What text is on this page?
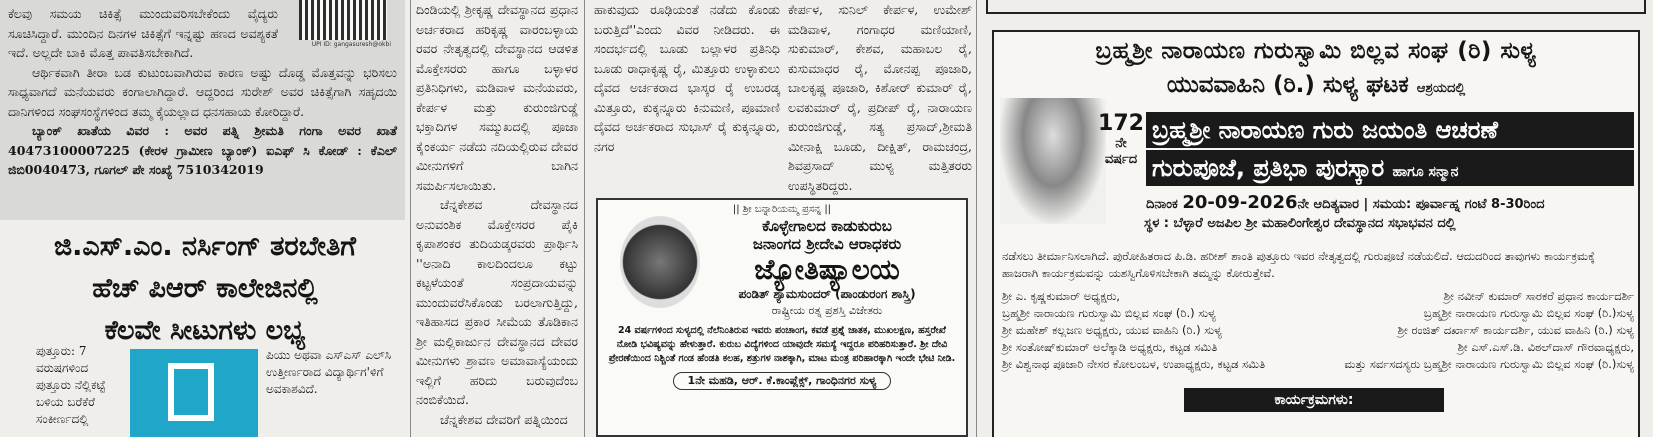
UPI ID: gangasuresh@okbi

ಕೆಲವು ಸಮಯ ಚಿಕಿತ್ಸೆ ಮುಂದುವರಿಸಬೇಕೆಂದು ವೈದ್ಯರು ಸೂಚಿಸಿದ್ದಾರೆ. ಮುಂದಿನ ದಿನಗಳ ಚಿಕಿತ್ಸೆಗೆ ಇನ್ನಷ್ಟು ಹಣದ ಅವಶ್ಯಕತೆ ಇದೆ. ಅಲ್ಲದೇ ಬಾಕಿ ಮೊತ್ತ ಪಾವತಿಸಬೇಕಾಗಿದೆ.

ಆರ್ಥಿಕವಾಗಿ ತೀರಾ ಬಡ ಕುಟುಂಬವಾಗಿರುವ ಕಾರಣ ಅಷ್ಟು ದೊಡ್ಡ ಮೊತ್ತವನ್ನು ಭರಿಸಲು ಸಾಧ್ಯವಾಗದೆ ಮನೆಯವರು ಕಂಗಾಲಾಗಿದ್ದಾರೆ. ಆದ್ದರಿಂದ ಸುರೇಶ್ ಅವರ ಚಿಕಿತ್ಸೆಗಾಗಿ ಸಹೃದಯಿ ದಾನಿಗಳಿಂದ ಸಂಘಸಂಸ್ಥೆಗಳಿಂದ ತಮ್ಮ ಕೈಯಲ್ಲಾದ ಧನಸಹಾಯ ಕೋರಿದ್ದಾರೆ.

ಬ್ಯಾಂಕ್ ಖಾತೆಯ ವಿವರ : ಅವರ ಪತ್ನಿ ಶ್ರೀಮತಿ ಗಂಗಾ ಅವರ ಖಾತೆ 40473100007225 (ಕೇರಳ ಗ್ರಾಮೀಣ ಬ್ಯಾಂಕ್) ಐಎಫ್ ಸಿ ಕೋಡ್ : ಕೆಎಲ್ ಜಿಬಿ0040473, ಗೂಗಲ್ ಪೇ ಸಂಖ್ಯೆ 7510342019

ಜಿ.ಎಸ್.ಎಂ. ನರ್ಸಿಂಗ್ ತರಬೇತಿಗೆ
ಹೆಚ್ ಪಿಆರ್ ಕಾಲೇಜಿನಲ್ಲಿ
ಕೆಲವೇ ಸೀಟುಗಳು ಲಭ್ಯ
ಪುತ್ತೂರು: 7 ವರುಷಗಳಿಂದ ಪುತ್ತೂರು ನೆಲ್ಲಿಕಟ್ಟೆ ಬಳಿಯ ಬರೆಕೆರೆ ಸಂಕೀರ್ಣದಲ್ಲಿ
ಪಿಯು ಅಥವಾ ಎಸ್‌ಎಸ್ ಎಲ್‌ಸಿ ಉತ್ತೀರ್ಣರಾದ ವಿದ್ಯಾರ್ಥಿಗ'ಳಿಗೆ ಅವಕಾಶವಿದೆ.

ದಿಂಡಿಯಲ್ಲಿ ಶ್ರೀಕೃಷ್ಣ ದೇವಸ್ಥಾನದ ಪ್ರಧಾನ ಅರ್ಚಕರಾದ ಹರಿಕೃಷ್ಣ ವಾರಂಬಳ್ಳಾಯ ರವರ ನೇತೃತ್ವದಲ್ಲಿ ದೇವಸ್ಥಾನದ ಆಡಳಿತ ಮೊಕ್ತೇಸರರು ಹಾಗೂ ಬಳ್ಳಾಳರ ಪ್ರತಿನಿಧಿಗಳು, ಮಡಿವಾಳ ಮನೆಯವರು, ಕೇರ್ಪಳ ಮತ್ತು ಕುರುಂಜಿಗುಡ್ಡೆ ಭಕ್ತಾದಿಗಳ ಸಮ್ಮುಖದಲ್ಲಿ ಪೂಜಾ ಕೈಂಕರ್ಯ ನಡೆದು ನದಿಯಲ್ಲಿರುವ ದೇವರ ಮೀನುಗಳಿಗೆ ಬಾಗಿನ ಸಮರ್ಪಿಸಲಾಯಿತು.

ಚೆನ್ನಕೇಶವ ದೇವಸ್ಥಾನದ ಅನುವಂಶಿಕ ಮೊಕ್ತೇಸರರ ಪೈಕಿ ಕೃಪಾಶಂಕರ ತುದಿಯಡ್ಕರವರು ಪ್ರಾರ್ಥಿಸಿ ''ಅನಾದಿ ಕಾಲದಿಂದಲೂ ಕಟ್ಟು ಕಟ್ಟಳೆಯಂತೆ ಸಂಪ್ರದಾಯವನ್ನು ಮುಂದುವರೆಸಿಕೊಂಡು ಬರಲಾಗುತ್ತಿದ್ದು, ಇತಿಹಾಸದ ಪ್ರಕಾರ ಸೀಮೆಯ ತೊಡಿಕಾನ ಶ್ರೀ ಮಲ್ಲಿಕಾರ್ಜುನ ದೇವಸ್ಥಾನದ ದೇವರ ಮೀನುಗಳು ಶ್ರಾವಣ ಅಮಾವಾಸ್ಯೆಯಂದು ಇಲ್ಲಿಗೆ ಹರಿದು ಬರುವುದೆಂಬ ನಂಬಿಕೆಯಿದೆ.

ಚೆನ್ನಕೇಶವ ದೇವರಿಗೆ ಪತ್ನಿಯಿಂದ

ಹಾಕುವುದು ರೂಢಿಯಂತೆ ನಡೆದು ಕೊಂಡು ಬರುತ್ತಿದೆ''ಎಂದು ವಿವರ ನೀಡಿದರು. ಈ ಸಂದರ್ಭದಲ್ಲಿ ಬೂಡು ಬಲ್ಲಾಳರ ಪ್ರತಿನಿಧಿ ಬೂಡು ರಾಧಾಕೃಷ್ಣ ರೈ, ಮಿತ್ತೂರು ಉಳ್ಳಾಕುಲು ದೈವದ ಅರ್ಚಕರಾದ ಭಾಸ್ಕರ ರೈ ಉಬರಡ್ಕ ಮಿತ್ತೂರು, ಕುಕ್ಕನ್ನೂರು ಕಿನುಮಣಿ, ಪೂಮಾಣಿ ದೈವದ ಅರ್ಚಕರಾದ ಸುಭಾಸ್ ರೈ ಕುಕ್ಕನ್ನೂರು, ನಗರ

ಕೇರ್ಪಳ, ಸುನಿಲ್ ಕೇರ್ಪಳ, ಉಮೇಶ್ ಮಡಿವಾಳ, ಗಂಗಾಧರ ಮಣಿಯಾಣಿ, ಸುಕುಮಾರ್, ಕೇಶವ, ಮಹಾಬಲ ರೈ, ಕುಸುಮಾಧರ ರೈ, ಮೋನಪ್ಪ ಪೂಜಾರಿ, ಬಾಲಕೃಷ್ಣ ಪೂಜಾರಿ, ಕಿಶೋರ್ ಕುಮಾರ್ ರೈ, ಲವಕುಮಾರ್ ರೈ, ಪ್ರದೀಪ್ ರೈ, ನಾರಾಯಣ ಕುರುಂಜಿಗುಡ್ಡೆ, ಸತ್ಯ ಪ್ರಸಾದ್,ಶ್ರೀಮತಿ ಮೀನಾಕ್ಷಿ ಬೂಡು, ದೀಕ್ಷಿತ್, ರಾಮಚಂದ್ರ, ಶಿವಪ್ರಸಾದ್ ಮುಳ್ಯ ಮತ್ತಿತರರು ಉಪಸ್ಥಿತರಿದ್ದರು.

|| ಶ್ರೀ ಬನ್ನಾರಿಯಮ್ಮ ಪ್ರಸನ್ನ ||
ಕೊಳ್ಳೇಗಾಲದ ಕಾಡುಕುರುಬ
ಜನಾಂಗದ ಶ್ರೀದೇವಿ ಆರಾಧಕರು
ಜ್ಯೋತಿಷ್ಯಾಲಯ
ಪಂಡಿತ್ ಶ್ಯಾಮಸುಂದರ್ (ಪಾಂಡುರಂಗ ಶಾಸ್ತ್ರಿ)
ರಾಷ್ಟ್ರೀಯ ರತ್ನ ಪ್ರಶಸ್ತಿ ವಿಜೇತರು
24 ವರ್ಷಗಳಿಂದ ಸುಳ್ಯದಲ್ಲಿ ನೆಲೆನಿಂತಿರುವ ಇವರು ಪಂಚಾಂಗ, ಕವಡೆ ಪ್ರಶ್ನೆ ಜಾತಕ, ಮುಖಲಕ್ಷಣ, ಹಸ್ತರೇಖೆ ನೋಡಿ ಭವಿಷ್ಯವನ್ನು ಹೇಳುತ್ತಾರೆ. ಕುರುಬ ವಿದ್ಯೆಗಳಿಂದ ಯಾವುದೇ ಸಮಸ್ಯೆ ಇದ್ದರೂ ಪರಿಹರಿಸುತ್ತಾರೆ. ಶ್ರೀ ದೇವಿ ಪ್ರೇರಣೆಯಿಂದ ನಿಶ್ಚಿಂತೆ ಗಂಡ ಹೆಂಡತಿ ಕಲಹ, ಶತ್ರುಗಳ ನಾಶಕ್ಕಾಗಿ, ಮಾಟ ಮಂತ್ರ ಪರಿಹಾರಕ್ಕಾಗಿ ಇಂದೇ ಭೇಟಿ ನೀಡಿ.
1ನೇ ಮಹಡಿ, ಆರ್. ಕೆ.ಕಾಂಪ್ಲೆಕ್ಸ್, ಗಾಂಧಿನಗರ ಸುಳ್ಯ
ಬ್ರಹ್ಮಶ್ರೀ ನಾರಾಯಣ ಗುರುಸ್ವಾಮಿ ಬಿಲ್ಲವ ಸಂಘ (ರಿ) ಸುಳ್ಯ
ಯುವವಾಹಿನಿ (ರಿ.) ಸುಳ್ಯ ಘಟಕ ಆಶ್ರಯದಲ್ಲಿ
172
ನೇ ವರ್ಷದ
ಬ್ರಹ್ಮಶ್ರೀ ನಾರಾಯಣ ಗುರು ಜಯಂತಿ ಆಚರಣೆ
ಗುರುಪೂಜೆ, ಪ್ರತಿಭಾ ಪುರಸ್ಕಾರ ಹಾಗೂ ಸನ್ಮಾನ
ದಿನಾಂಕ 20-09-2026ನೇ ಆದಿತ್ಯವಾರ | ಸಮಯ: ಪೂರ್ವಾಹ್ನ ಗಂಟೆ 8-30ರಿಂದ
ಸ್ಥಳ : ಬೆಳ್ಳಾರೆ ಅಜಪಿಲ ಶ್ರೀ ಮಹಾಲಿಂಗೇಶ್ವರ ದೇವಸ್ಥಾನದ ಸಭಾಭವನ ದಲ್ಲಿ
ನಡೆಸಲು ತೀರ್ಮಾನಿಸಲಾಗಿದೆ. ಪುರೋಹಿತರಾದ ಪಿ.ಡಿ. ಹರೀಶ್ ಶಾಂತಿ ಪುತ್ತೂರು ಇವರ ನೇತೃತ್ವದಲ್ಲಿ ಗುರುಪೂಜೆ ನಡೆಯಲಿದೆ. ಆದುದರಿಂದ ತಾವುಗಳು ಕಾರ್ಯಕ್ರಮಕ್ಕೆ ಹಾಜರಾಗಿ ಕಾರ್ಯಕ್ರಮವನ್ನು ಯಶಸ್ವಿಗೊಳಿಸಬೇಕಾಗಿ ತಮ್ಮನ್ನು ಕೋರುತ್ತೇವೆ.
ಶ್ರೀ ಎ. ಕೃಷ್ಣಕುಮಾರ್ ಅಧ್ಯಕ್ಷರು,
ಬ್ರಹ್ಮಶ್ರೀ ನಾರಾಯಣ ಗುರುಸ್ವಾಮಿ ಬಿಲ್ಲವ ಸಂಘ (ರಿ.) ಸುಳ್ಯ
ಶ್ರೀ ಮಹೇಶ್ ಕಲ್ಲಜಣ ಅಧ್ಯಕ್ಷರು, ಯುವ ವಾಹಿನಿ (ರಿ.) ಸುಳ್ಯ
ಶ್ರೀ ಸಂತೋಷ್‌ಕುಮಾರ್ ಅಲೆಕ್ಕಾಡಿ ಅಧ್ಯಕ್ಷರು, ಕಟ್ಟಡ ಸಮಿತಿ
ಶ್ರೀ ವಿಶ್ವನಾಥ ಪೂಜಾರಿ ನೇಸರ ಕೋಲಂಬಳ, ಉಪಾಧ್ಯಕ್ಷರು, ಕಟ್ಟಡ ಸಮಿತಿ
ಶ್ರೀ ನವೀನ್ ಕುಮಾರ್ ಸಾರಕರೆ ಪ್ರಧಾನ ಕಾರ್ಯದರ್ಶಿ
ಬ್ರಹ್ಮಶ್ರೀ ನಾರಾಯಣ ಗುರುಸ್ವಾಮಿ ಬಿಲ್ಲವ ಸಂಘ (ರಿ.)ಸುಳ್ಯ
ಶ್ರೀ ರಂಜಿತ್ ದರ್ಖಾಸ್ ಕಾರ್ಯದರ್ಶಿ, ಯುವ ವಾಹಿನಿ (ರಿ.) ಸುಳ್ಯ
ಶ್ರೀ ಎಸ್.ಎಸ್.ಡಿ. ವಿಠಲ್‌ದಾಸ್ ಗೌರವಾಧ್ಯಕ್ಷರು,
ಮತ್ತು ಸರ್ವಸದಸ್ಯರು ಬ್ರಹ್ಮಶ್ರೀ ನಾರಾಯಣ ಗುರುಸ್ವಾಮಿ ಬಿಲ್ಲವ ಸಂಘ (ರಿ.)ಸುಳ್ಯ
ಕಾರ್ಯಕ್ರಮಗಳು:
